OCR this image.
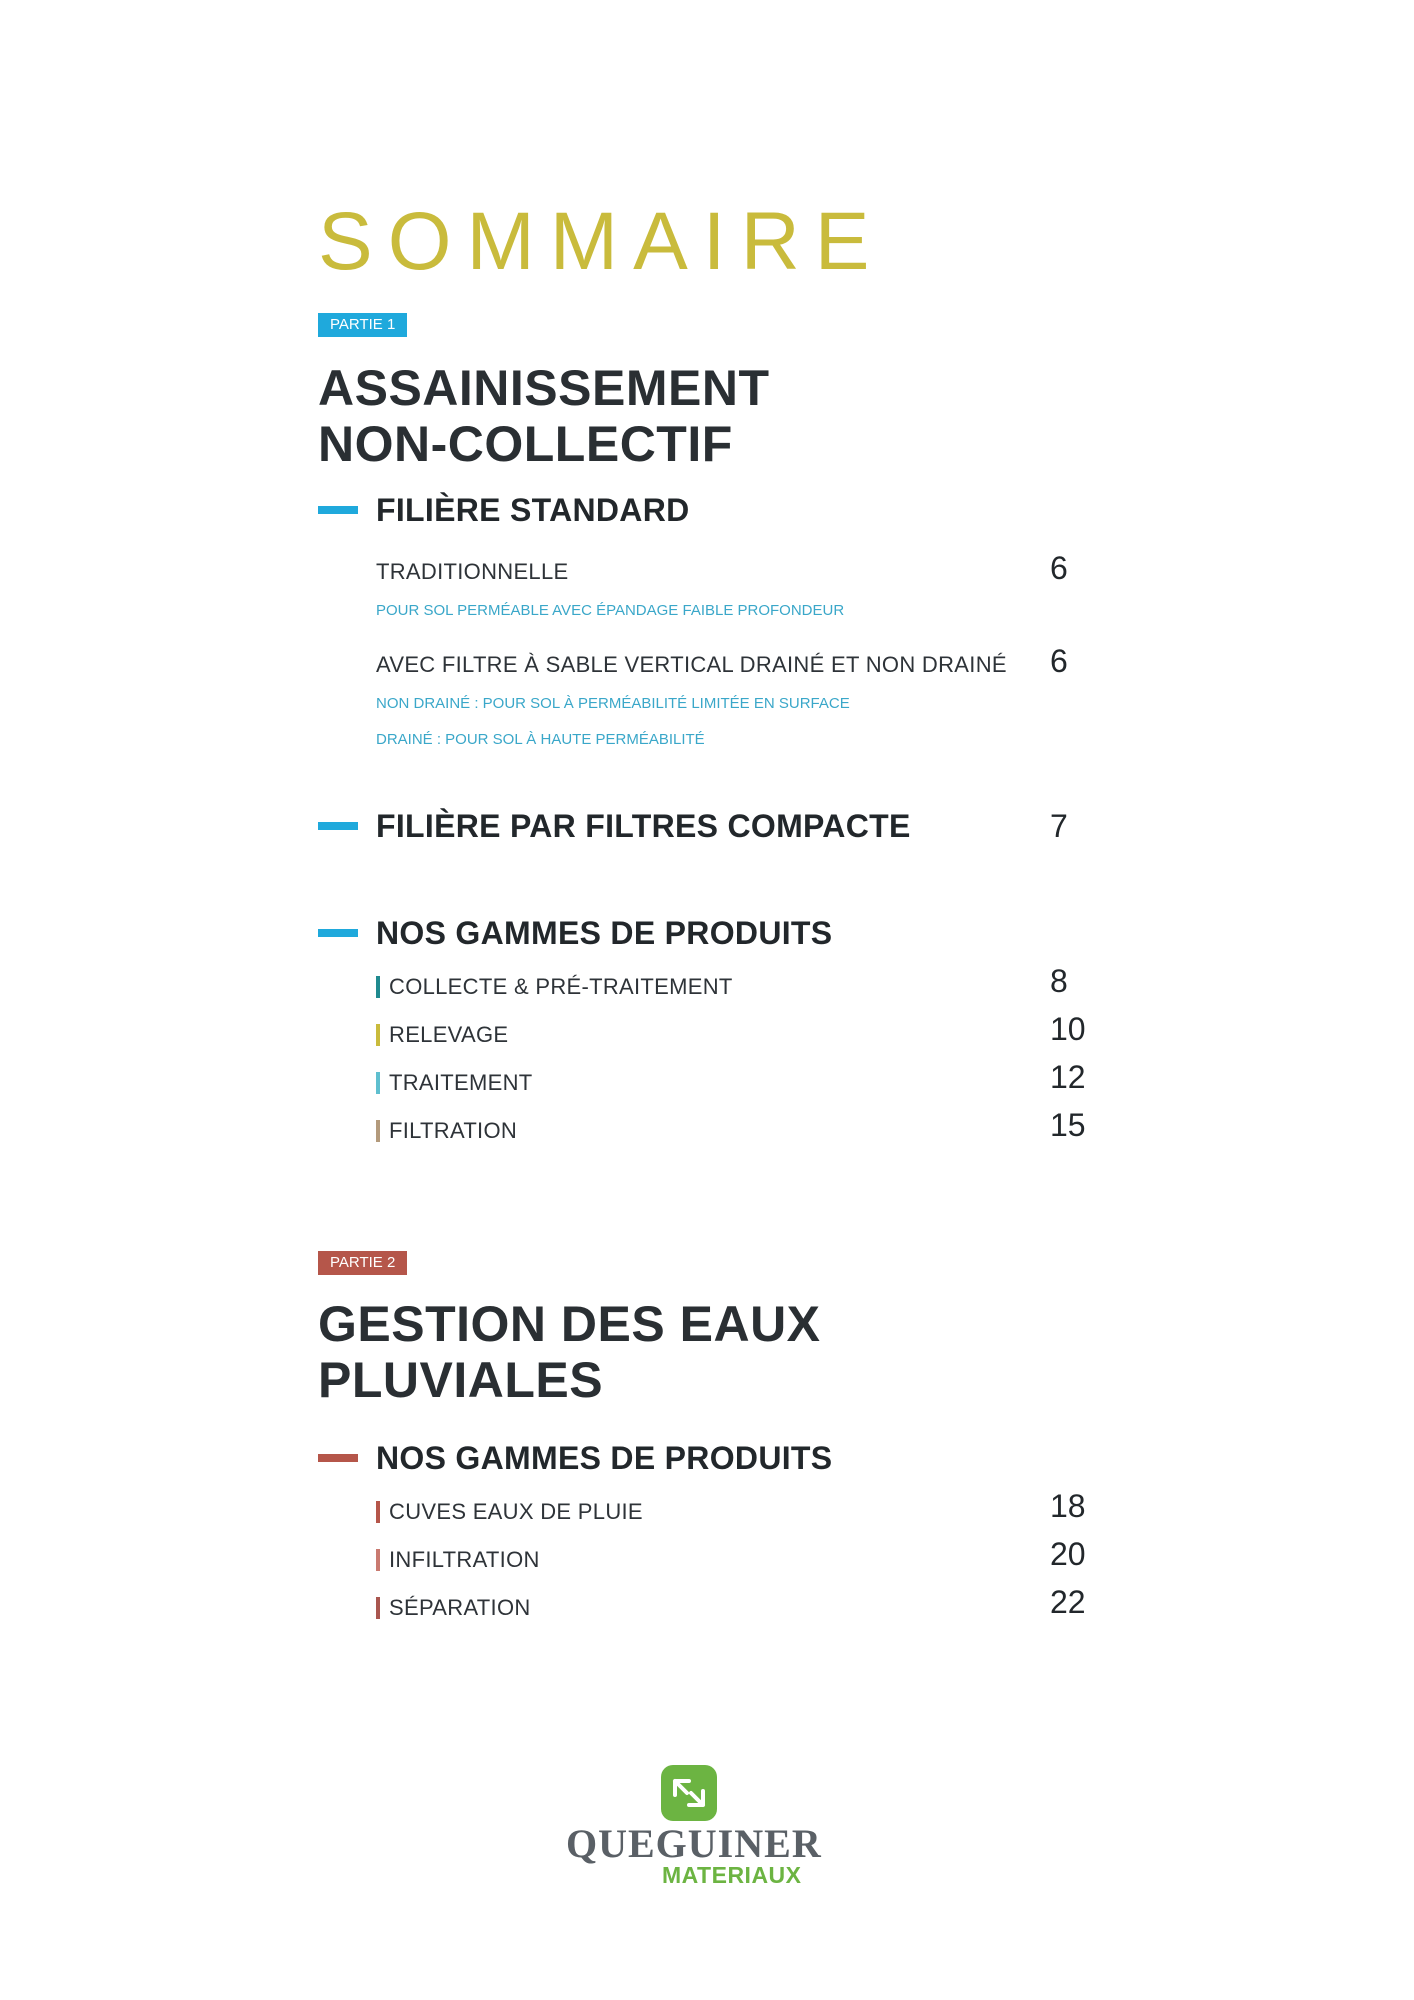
SOMMAIRE
PARTIE 1
ASSAINISSEMENT
NON-COLLECTIF
FILIÈRE STANDARD
TRADITIONNELLE	6
POUR SOL PERMÉABLE AVEC ÉPANDAGE FAIBLE PROFONDEUR
AVEC FILTRE À SABLE VERTICAL DRAINÉ ET NON DRAINÉ 6
NON DRAINÉ : POUR SOL À PERMÉABILITÉ LIMITÉE EN SURFACE
DRAINÉ : POUR SOL À HAUTE PERMÉABILITÉ
FILIÈRE PAR FILTRES COMPACTE	7
NOS GAMMES DE PRODUITS
COLLECTE & PRÉ-TRAITEMENT	8
RELEVAGE	10
TRAITEMENT	12
FILTRATION	15
PARTIE 2
GESTION DES EAUX
PLUVIALES
NOS GAMMES DE PRODUITS
CUVES EAUX DE PLUIE	18
INFILTRATION	20
SÉPARATION	22
QUEGUINER
MATERIAUX
